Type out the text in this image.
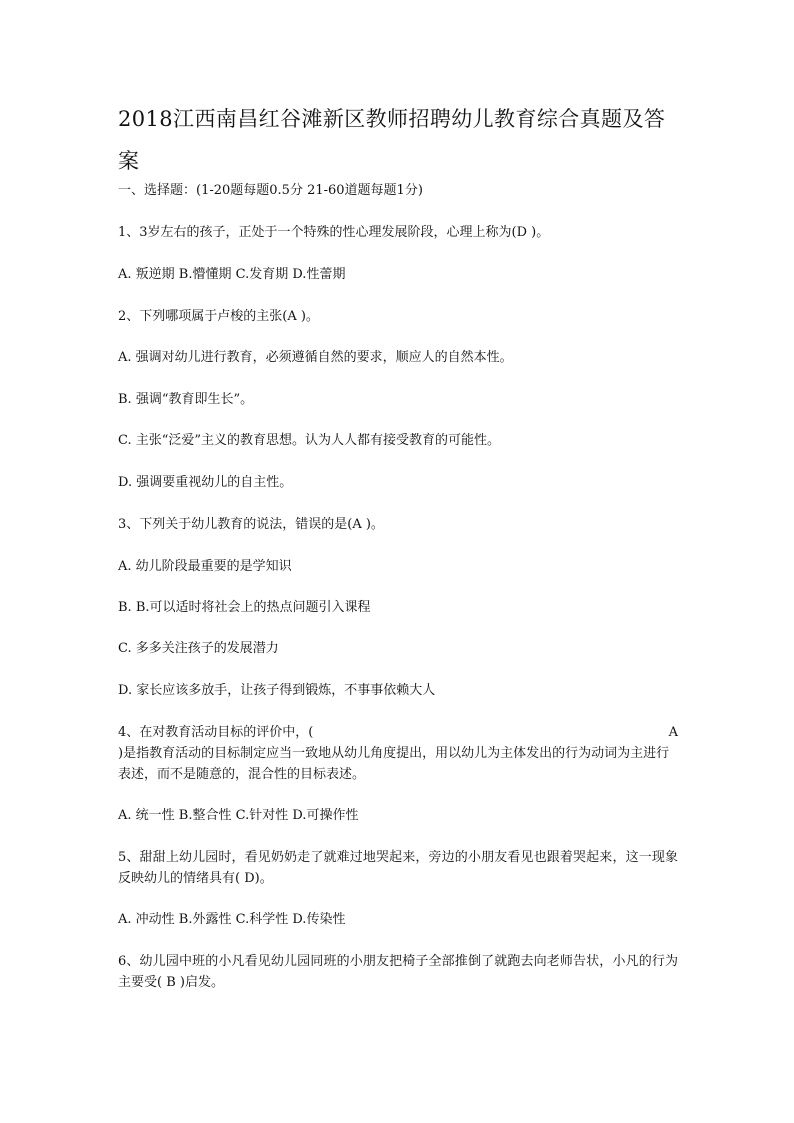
2018江西南昌红谷滩新区教师招聘幼儿教育综合真题及答案

一、选择题：(1-20题每题0.5分 21-60道题每题1分)

1、3岁左右的孩子，正处于一个特殊的性心理发展阶段，心理上称为(D )。

A. 叛逆期 B.懵懂期 C.发育期 D.性蕾期

2、下列哪项属于卢梭的主张(A )。

A. 强调对幼儿进行教育，必须遵循自然的要求，顺应人的自然本性。

B. 强调“教育即生长”。

C. 主张“泛爱”主义的教育思想。认为人人都有接受教育的可能性。

D. 强调要重视幼儿的自主性。

3、下列关于幼儿教育的说法，错误的是(A )。

A. 幼儿阶段最重要的是学知识

B. B.可以适时将社会上的热点问题引入课程

C. 多多关注孩子的发展潜力

D. 家长应该多放手，让孩子得到锻炼，不事事依赖大人

4、在对教育活动目标的评价中，(	A
)是指教育活动的目标制定应当一致地从幼儿角度提出，用以幼儿为主体发出的行为动词为主进行表述，而不是随意的，混合性的目标表述。

A. 统一性 B.整合性 C.针对性 D.可操作性

5、甜甜上幼儿园时，看见奶奶走了就难过地哭起来，旁边的小朋友看见也跟着哭起来，这一现象反映幼儿的情绪具有( D)。

A. 冲动性 B.外露性 C.科学性 D.传染性

6、幼儿园中班的小凡看见幼儿园同班的小朋友把椅子全部推倒了就跑去向老师告状，小凡的行为主要受( B )启发。
